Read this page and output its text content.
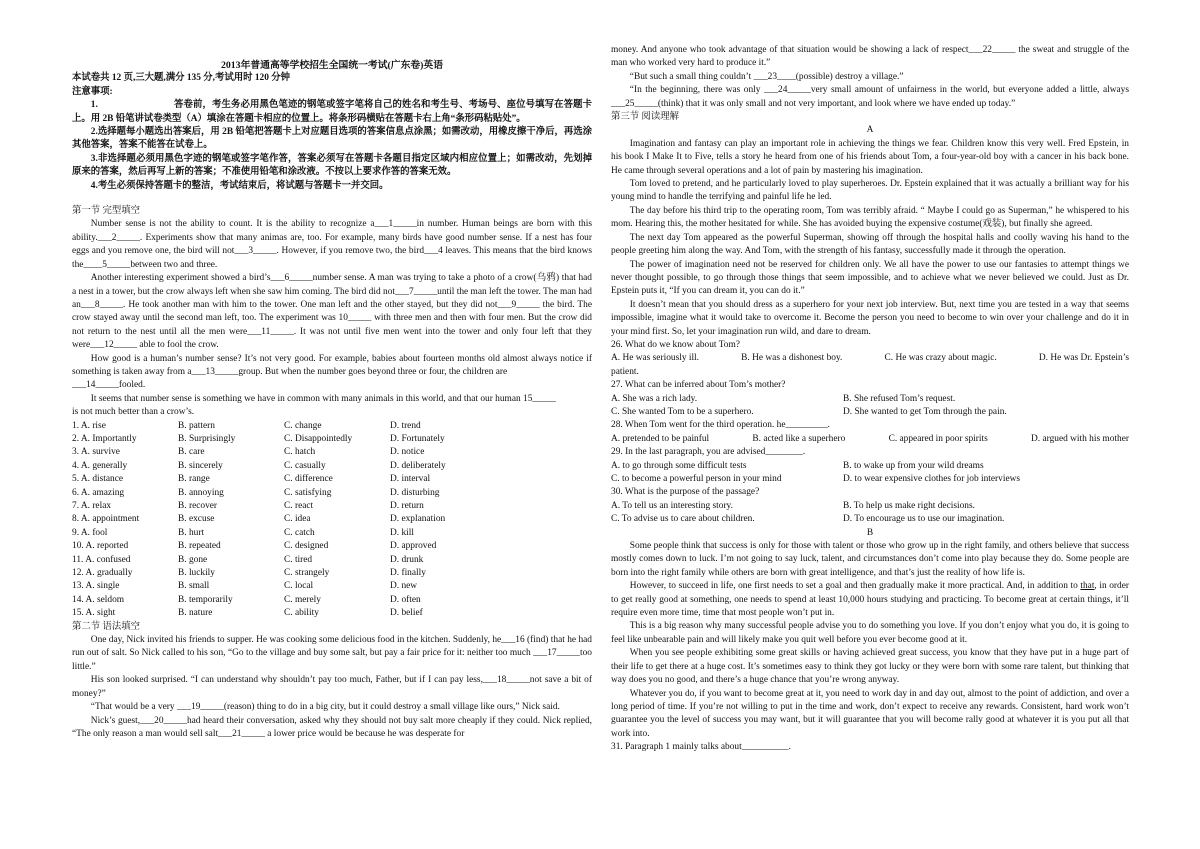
2013年普通高等学校招生全国统一考试(广东卷)英语

本试卷共 12 页,三大题,满分 135 分,考试用时 120 分钟

注意事项:

1.　　　　　　　　答卷前，考生务必用黑色笔迹的钢笔或签字笔将自己的姓名和考生号、考场号、座位号填写在答题卡上。用 2B 铅笔讲试卷类型（A）填涂在答题卡相应的位置上。将条形码横贴在答题卡右上角“条形码粘贴处”。

2.选择题每小题选出答案后，用 2B 铅笔把答题卡上对应题目选项的答案信息点涂黑；如需改动，用橡皮擦干净后，再选涂其他答案，答案不能答在试卷上。

3.非选择题必须用黑色字迹的钢笔或签字笔作答，答案必须写在答题卡各题目指定区域内相应位置上；如需改动，先划掉原来的答案，然后再写上新的答案；不准使用铅笔和涂改液。不按以上要求作答的答案无效。

4.考生必须保持答题卡的整洁，考试结束后，将试题与答题卡一并交回。

第一节 完型填空

Number sense is not the ability to count. It is the ability to recognize a___1_____in number. Human beings are born with this ability.___2_____. Experiments show that many animas are, too. For example, many birds have good number sense. If a nest has four eggs and you remove one, the bird will not___3_____. However, if you remove two, the bird___4 leaves. This means that the bird knows the____5_____between two and three.

Another interesting experiment showed a bird’s___6_____number sense. A man was trying to take a photo of a crow(乌鸦) that had a nest in a tower, but the crow always left when she saw him coming. The bird did not___7_____until the man left the tower. The man had an___8_____. He took another man with him to the tower. One man left and the other stayed, but they did not___9_____ the bird. The crow stayed away until the second man left, too. The experiment was 10_____ with three men and then with four men. But the crow did not return to the nest until all the men were___11_____. It was not until five men went into the tower and only four left that they were___12_____ able to fool the crow.

How good is a human’s number sense? It’s not very good. For example, babies about fourteen months old almost always notice if something is taken away from a___13_____group. But when the number goes beyond three or four, the children are

___14_____fooled.

It seems that number sense is something we have in common with many animals in this world, and that our human 15_____

is not much better than a crow’s.

1. A. rise	B. pattern	C. change	D. trend
2. A. Importantly	B. Surprisingly	C. Disappointedly	D. Fortunately
3. A. survive	B. care	C. hatch	D. notice
4. A. generally	B. sincerely	C. casually	D. deliberately
5. A. distance	B. range	C. difference	D. interval
6. A. amazing	B. annoying	C. satisfying	D. disturbing
7. A. relax	B. recover	C. react	D. return
8. A. appointment	B. excuse	C. idea	D. explanation
9. A. fool	B. hurt	C. catch	D. kill
10. A. reported	B. repeated	C. designed	D. approved
11. A. confused	B. gone	C. tired	D. drunk
12. A. gradually	B. luckily	C. strangely	D. finally
13. A. single	B. small	C. local	D. new
14. A. seldom	B. temporarily	C. merely	D. often
15. A. sight	B. nature	C. ability	D. belief

第二节 语法填空

One day, Nick invited his friends to supper. He was cooking some delicious food in the kitchen. Suddenly, he___16 (find) that he had run out of salt. So Nick called to his son, “Go to the village and buy some salt, but pay a fair price for it: neither too much ___17_____too little.”

His son looked surprised. “I can understand why shouldn’t pay too much, Father, but if I can pay less,___18_____not save a bit of money?”

“That would be a very ___19_____(reason) thing to do in a big city, but it could destroy a small village like ours,” Nick said.

Nick’s guest,___20_____had heard their conversation, asked why they should not buy salt more cheaply if they could. Nick replied, “The only reason a man would sell salt___21_____ a lower price would be because he was desperate for

money. And anyone who took advantage of that situation would be showing a lack of respect___22_____ the sweat and struggle of the man who worked very hard to produce it.”

“But such a small thing couldn’t ___23____(possible) destroy a village.”

“In the beginning, there was only ___24_____very small amount of unfairness in the world, but everyone added a little, always ___25_____(think) that it was only small and not very important, and look where we have ended up today.”

第三节 阅读理解

A

Imagination and fantasy can play an important role in achieving the things we fear. Children know this very well. Fred Epstein, in his book I Make It to Five, tells a story he heard from one of his friends about Tom, a four-year-old boy with a cancer in his back bone. He came through several operations and a lot of pain by mastering his imagination.

Tom loved to pretend, and he particularly loved to play superheroes. Dr. Epstein explained that it was actually a brilliant way for his young mind to handle the terrifying and painful life he led.

The day before his third trip to the operating room, Tom was terribly afraid. “ Maybe I could go as Superman,” he whispered to his mom. Hearing this, the mother hesitated for while. She has avoided buying the expensive costume(戏装), but finally she agreed.

The next day Tom appeared as the powerful Superman, showing off through the hospital halls and coolly waving his hand to the people greeting him along the way. And Tom, with the strength of his fantasy, successfully made it through the operation.

The power of imagination need not be reserved for children only. We all have the power to use our fantasies to attempt things we never thought possible, to go through those things that seem impossible, and to achieve what we never believed we could. Just as Dr. Epstein puts it, “If you can dream it, you can do it.”

It doesn’t mean that you should dress as a superhero for your next job interview. But, next time you are tested in a way that seems impossible, imagine what it would take to overcome it. Become the person you need to become to win over your challenge and do it in your mind first. So, let your imagination run wild, and dare to dream.

26. What do we know about Tom?

A. He was seriously ill.	B. He was a dishonest boy.	C. He was crazy about magic.	D. He was Dr. Epstein’s

patient.

27. What can be inferred about Tom’s mother?

A. She was a rich lady.	B. She refused Tom’s request.
C. She wanted Tom to be a superhero.	D. She wanted to get Tom through the pain.

28. When Tom went for the third operation. he_________.

A. pretended to be painful	B. acted like a superhero	C. appeared in poor spirits	D. argued with his mother

29. In the last paragraph, you are advised________.

A. to go through some difficult tests	B. to wake up from your wild dreams
C. to become a powerful person in your mind	D. to wear expensive clothes for job interviews

30. What is the purpose of the passage?

A. To tell us an interesting story.	B. To help us make right decisions.
C. To advise us to care about children.	D. To encourage us to use our imagination.

B

Some people think that success is only for those with talent or those who grow up in the right family, and others believe that success mostly comes down to luck. I’m not going to say luck, talent, and circumstances don’t come into play because they do. Some people are born into the right family while others are born with great intelligence, and that’s just the reality of how life is.

However, to succeed in life, one first needs to set a goal and then gradually make it more practical. And, in addition to that, in order to get really good at something, one needs to spend at least 10,000 hours studying and practicing. To become great at certain things, it’ll require even more time, time that most people won’t put in.

This is a big reason why many successful people advise you to do something you love. If you don’t enjoy what you do, it is going to feel like unbearable pain and will likely make you quit well before you ever become good at it.

When you see people exhibiting some great skills or having achieved great success, you know that they have put in a huge part of their life to get there at a huge cost. It’s sometimes easy to think they got lucky or they were born with some rare talent, but thinking that way does you no good, and there’s a huge chance that you’re wrong anyway.

Whatever you do, if you want to become great at it, you need to work day in and day out, almost to the point of addiction, and over a long period of time. If you’re not willing to put in the time and work, don’t expect to receive any rewards. Consistent, hard work won’t guarantee you the level of success you may want, but it will guarantee that you will become rally good at whatever it is you put all that work into.

31. Paragraph 1 mainly talks about__________.
